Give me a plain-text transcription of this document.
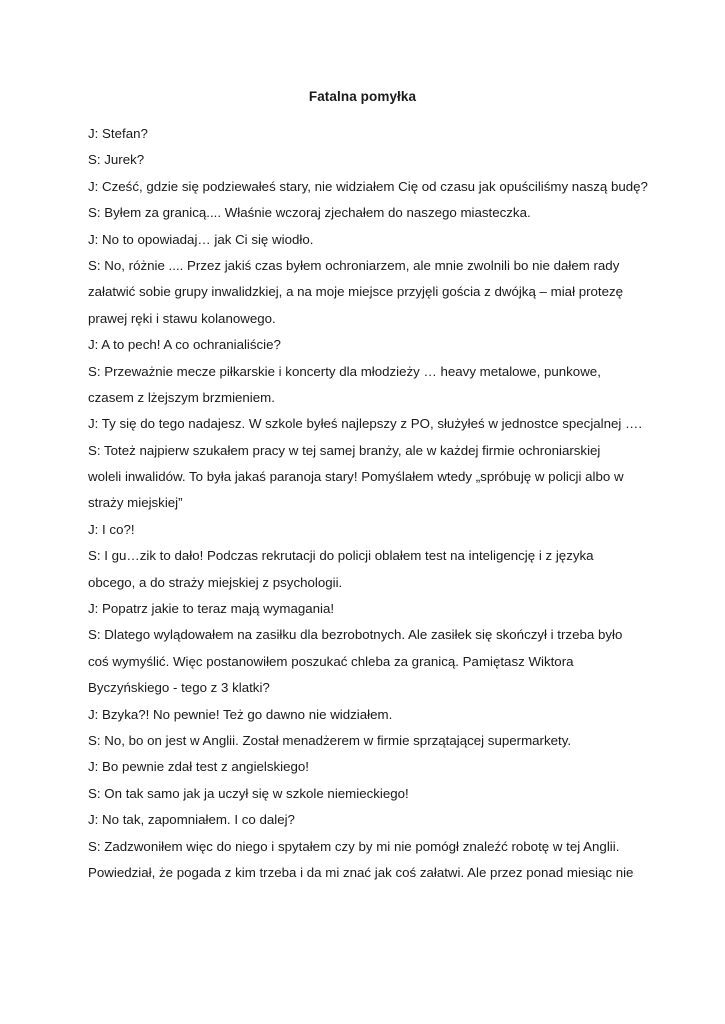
Fatalna pomyłka
J: Stefan?
S: Jurek?
J: Cześć, gdzie się podziewałeś stary, nie widziałem Cię od czasu jak opuściliśmy naszą budę?
S: Byłem za granicą.... Właśnie wczoraj zjechałem do naszego miasteczka.
J: No to opowiadaj… jak Ci się wiodło.
S: No, różnie .... Przez jakiś czas byłem ochroniarzem, ale mnie zwolnili bo nie dałem rady
załatwić sobie grupy inwalidzkiej, a na moje miejsce przyjęli gościa z dwójką – miał protezę
prawej ręki i stawu kolanowego.
J: A to pech! A co ochranialiście?
S: Przeważnie mecze piłkarskie i koncerty dla młodzieży … heavy metalowe, punkowe,
czasem z lżejszym brzmieniem.
J: Ty się do tego nadajesz. W szkole byłeś najlepszy z PO, służyłeś w jednostce specjalnej ….
S: Toteż najpierw szukałem pracy w tej samej branży, ale w każdej firmie ochroniarskiej
woleli inwalidów. To była jakaś paranoja stary! Pomyślałem wtedy „spróbuję w policji albo w
straży miejskiej”
J: I co?!
S: I gu…zik to dało! Podczas rekrutacji do policji oblałem test na inteligencję i z języka
obcego, a do straży miejskiej z psychologii.
J: Popatrz jakie to teraz mają wymagania!
S: Dlatego wylądowałem na zasiłku dla bezrobotnych. Ale zasiłek się skończył i trzeba było
coś wymyślić. Więc postanowiłem poszukać chleba za granicą. Pamiętasz Wiktora
Byczyńskiego - tego z 3 klatki?
J: Bzyka?! No pewnie! Też go dawno nie widziałem.
S: No, bo on jest w Anglii. Został menadżerem w firmie sprzątającej supermarkety.
J: Bo pewnie zdał test z angielskiego!
S: On tak samo jak ja uczył się w szkole niemieckiego!
J: No tak, zapomniałem. I co dalej?
S: Zadzwoniłem więc do niego i spytałem czy by mi nie pomógł znaleźć robotę w tej Anglii.
Powiedział, że pogada z kim trzeba i da mi znać jak coś załatwi. Ale przez ponad miesiąc nie
